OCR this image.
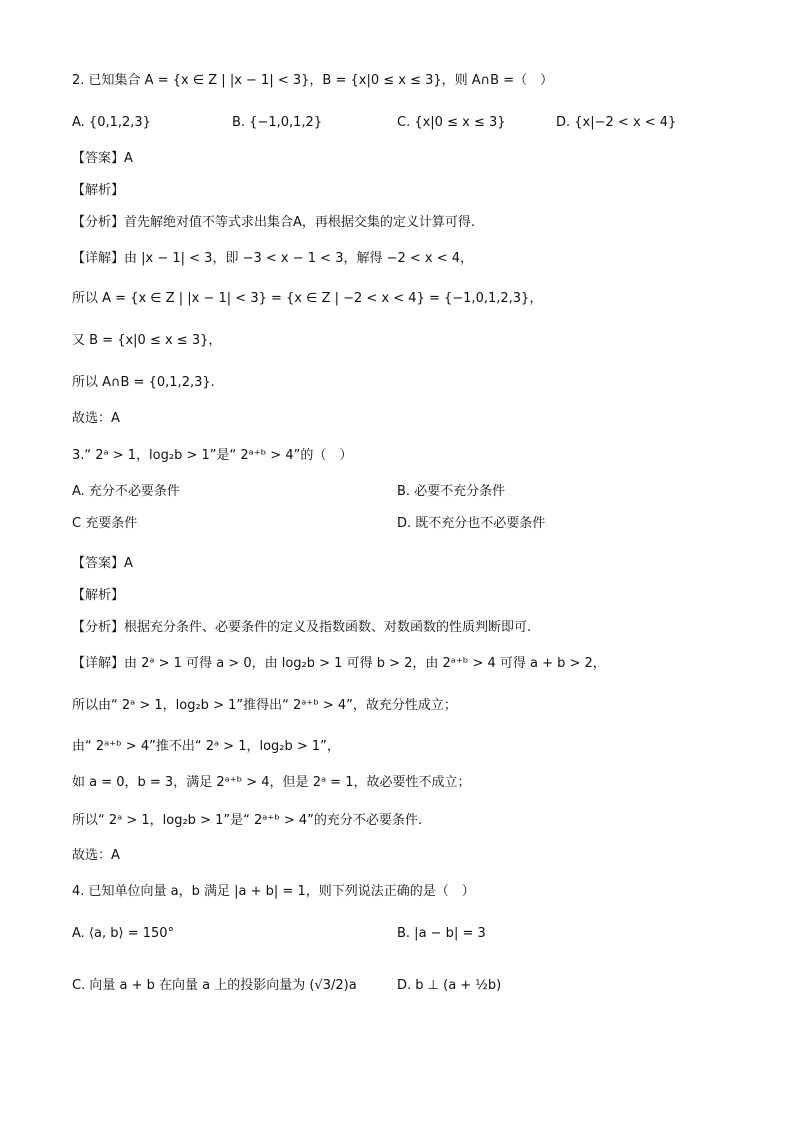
2. 已知集合 A = {x ∈ Z | |x − 1| < 3}，B = {x|0 ≤ x ≤ 3}，则 A∩B =（　）
A. {0,1,2,3}	B. {−1,0,1,2}	C. {x|0 ≤ x ≤ 3}	D. {x|−2 < x < 4}
【答案】A
【解析】
【分析】首先解绝对值不等式求出集合A，再根据交集的定义计算可得.
【详解】由 |x − 1| < 3，即 −3 < x − 1 < 3，解得 −2 < x < 4，
所以 A = {x ∈ Z | |x − 1| < 3} = {x ∈ Z | −2 < x < 4} = {−1,0,1,2,3}，
又 B = {x|0 ≤ x ≤ 3}，
所以 A∩B = {0,1,2,3}.
故选：A
3.“ 2ᵃ > 1，log₂b > 1”是“ 2ᵃ⁺ᵇ > 4”的（　）
A. 充分不必要条件	B. 必要不充分条件
C 充要条件	D. 既不充分也不必要条件
【答案】A
【解析】
【分析】根据充分条件、必要条件的定义及指数函数、对数函数的性质判断即可.
【详解】由 2ᵃ > 1 可得 a > 0，由 log₂b > 1 可得 b > 2，由 2ᵃ⁺ᵇ > 4 可得 a + b > 2，
所以由“ 2ᵃ > 1，log₂b > 1”推得出“ 2ᵃ⁺ᵇ > 4”，故充分性成立；
由“ 2ᵃ⁺ᵇ > 4”推不出“ 2ᵃ > 1，log₂b > 1”，
如 a = 0，b = 3，满足 2ᵃ⁺ᵇ > 4，但是 2ᵃ = 1，故必要性不成立；
所以“ 2ᵃ > 1，log₂b > 1”是“ 2ᵃ⁺ᵇ > 4”的充分不必要条件.
故选：A
4. 已知单位向量 a，b 满足 |a + b| = 1，则下列说法正确的是（　）
A. ⟨a, b⟩ = 150°	B. |a − b| = 3
C. 向量 a + b 在向量 a 上的投影向量为 (√3/2)a	D. b ⊥ (a + ½b)
